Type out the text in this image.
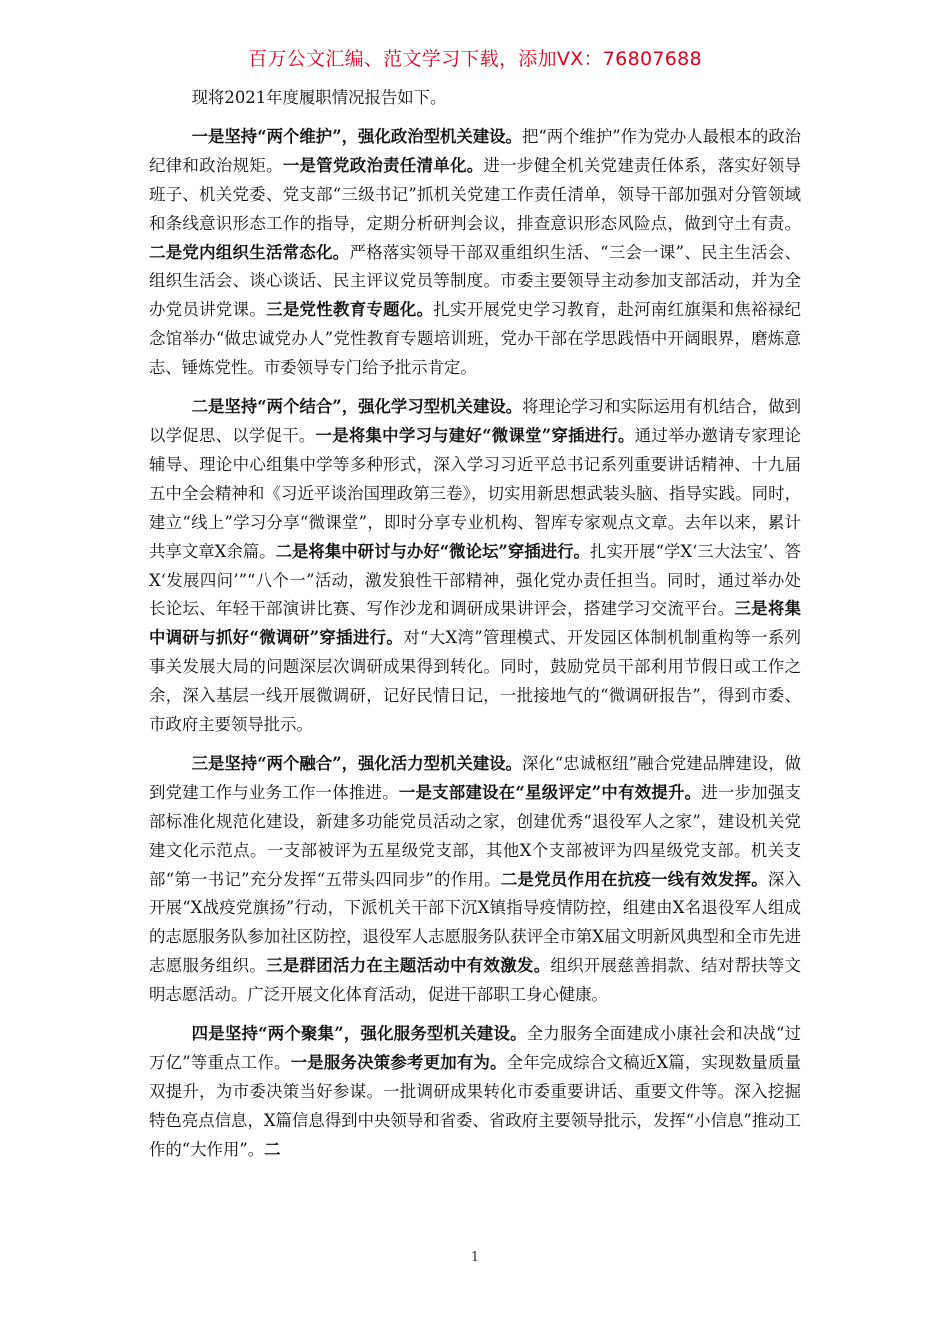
百万公文汇编、范文学习下载，添加VX：76807688

现将2021年度履职情况报告如下。

一是坚持“两个维护”，强化政治型机关建设。把“两个维护”作为党办人最根本的政治纪律和政治规矩。一是管党政治责任清单化。进一步健全机关党建责任体系，落实好领导班子、机关党委、党支部“三级书记”抓机关党建工作责任清单，领导干部加强对分管领域和条线意识形态工作的指导，定期分析研判会议，排查意识形态风险点，做到守土有责。二是党内组织生活常态化。严格落实领导干部双重组织生活、“三会一课”、民主生活会、组织生活会、谈心谈话、民主评议党员等制度。市委主要领导主动参加支部活动，并为全办党员讲党课。三是党性教育专题化。扎实开展党史学习教育，赴河南红旗渠和焦裕禄纪念馆举办“做忠诚党办人”党性教育专题培训班，党办干部在学思践悟中开阔眼界，磨炼意志、锤炼党性。市委领导专门给予批示肯定。

二是坚持“两个结合”，强化学习型机关建设。将理论学习和实际运用有机结合，做到以学促思、以学促干。一是将集中学习与建好“微课堂”穿插进行。通过举办邀请专家理论辅导、理论中心组集中学等多种形式，深入学习习近平总书记系列重要讲话精神、十九届五中全会精神和《习近平谈治国理政第三卷》，切实用新思想武装头脑、指导实践。同时，建立“线上”学习分享“微课堂”，即时分享专业机构、智库专家观点文章。去年以来，累计共享文章X余篇。二是将集中研讨与办好“微论坛”穿插进行。扎实开展“学X‘三大法宝’、答X‘发展四问’”“八个一”活动，激发狼性干部精神，强化党办责任担当。同时，通过举办处长论坛、年轻干部演讲比赛、写作沙龙和调研成果讲评会，搭建学习交流平台。三是将集中调研与抓好“微调研”穿插进行。对“大X湾”管理模式、开发园区体制机制重构等一系列事关发展大局的问题深层次调研成果得到转化。同时，鼓励党员干部利用节假日或工作之余，深入基层一线开展微调研，记好民情日记，一批接地气的“微调研报告”，得到市委、市政府主要领导批示。

三是坚持“两个融合”，强化活力型机关建设。深化“忠诚枢纽”融合党建品牌建设，做到党建工作与业务工作一体推进。一是支部建设在“星级评定”中有效提升。进一步加强支部标准化规范化建设，新建多功能党员活动之家，创建优秀“退役军人之家”，建设机关党建文化示范点。一支部被评为五星级党支部，其他X个支部被评为四星级党支部。机关支部“第一书记”充分发挥“五带头四同步”的作用。二是党员作用在抗疫一线有效发挥。深入开展“X战疫党旗扬”行动，下派机关干部下沉X镇指导疫情防控，组建由X名退役军人组成的志愿服务队参加社区防控，退役军人志愿服务队获评全市第X届文明新风典型和全市先进志愿服务组织。三是群团活力在主题活动中有效激发。组织开展慈善捐款、结对帮扶等文明志愿活动。广泛开展文化体育活动，促进干部职工身心健康。

四是坚持“两个聚集”，强化服务型机关建设。全力服务全面建成小康社会和决战“过万亿”等重点工作。一是服务决策参考更加有为。全年完成综合文稿近X篇，实现数量质量双提升，为市委决策当好参谋。一批调研成果转化市委重要讲话、重要文件等。深入挖掘特色亮点信息，X篇信息得到中央领导和省委、省政府主要领导批示，发挥“小信息”推动工作的“大作用”。二

1
